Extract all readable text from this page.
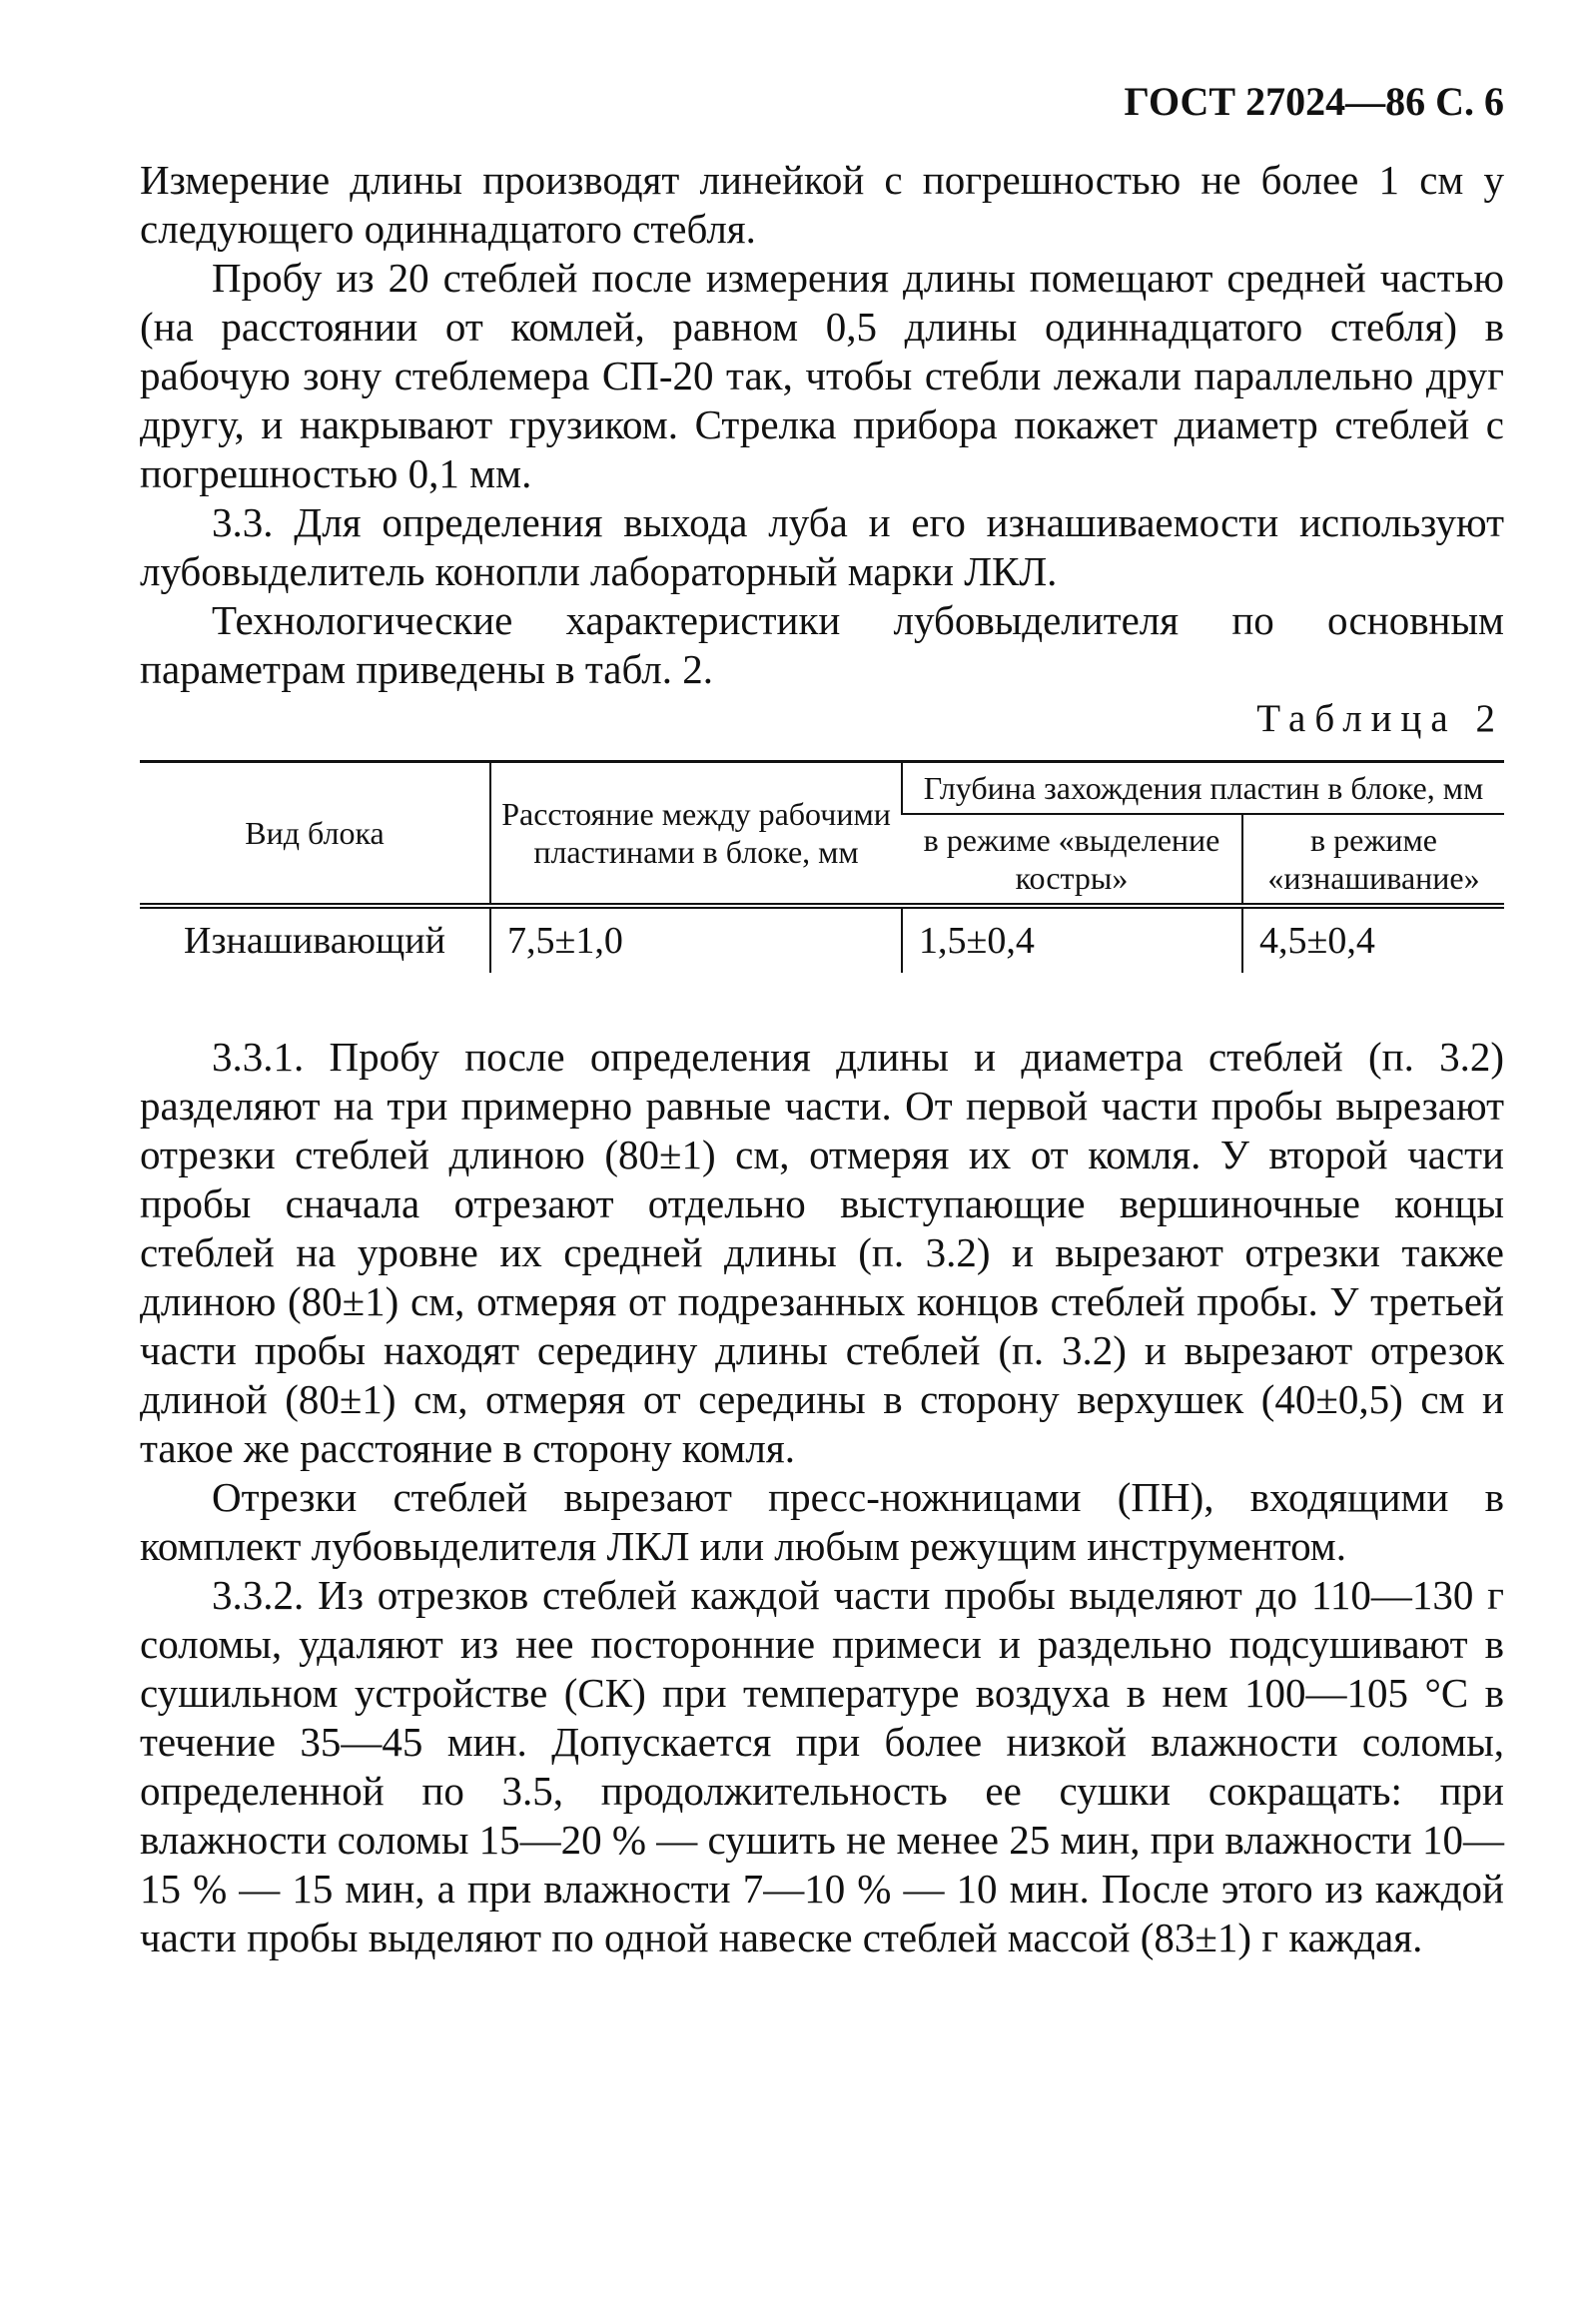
ГОСТ 27024—86 С. 6

Измерение длины производят линейкой с погрешностью не более 1 см у следующего одиннадцатого стебля.

Пробу из 20 стеблей после измерения длины помещают средней частью (на расстоянии от комлей, равном 0,5 длины одиннадцатого стебля) в рабочую зону стеблемера СП-20 так, чтобы стебли лежали параллельно друг другу, и накрывают грузиком. Стрелка прибора покажет диаметр стеблей с погрешностью 0,1 мм.

3.3. Для определения выхода луба и его изнашиваемости используют лубовыделитель конопли лабораторный марки ЛКЛ.

Технологические характеристики лубовыделителя по основным параметрам приведены в табл. 2.

Таблица 2
Вид блока	Расстояние между рабочими пластинами в блоке, мм	Глубина захождения пластин в блоке, мм	
		в режиме «выделение костры»	в режиме «изнашивание»
Изнашивающий	7,5±1,0	1,5±0,4	4,5±0,4

3.3.1. Пробу после определения длины и диаметра стеблей (п. 3.2) разделяют на три примерно равные части. От первой части пробы вырезают отрезки стеблей длиною (80±1) см, отмеряя их от комля. У второй части пробы сначала отрезают отдельно выступающие вершиночные концы стеблей на уровне их средней длины (п. 3.2) и вырезают отрезки также длиною (80±1) см, отмеряя от подрезанных концов стеблей пробы. У третьей части пробы находят середину длины стеблей (п. 3.2) и вырезают отрезок длиной (80±1) см, отмеряя от середины в сторону верхушек (40±0,5) см и такое же расстояние в сторону комля.

Отрезки стеблей вырезают пресс-ножницами (ПН), входящими в комплект лубовыделителя ЛКЛ или любым режущим инструментом.

3.3.2. Из отрезков стеблей каждой части пробы выделяют до 110—130 г соломы, удаляют из нее посторонние примеси и раздельно подсушивают в сушильном устройстве (СК) при температуре воздуха в нем 100—105 °С в течение 35—45 мин. Допускается при более низкой влажности соломы, определенной по 3.5, продолжительность ее сушки сокращать: при влажности соломы 15—20 % — сушить не менее 25 мин, при влажности 10—15 % — 15 мин, а при влажности 7—10 % — 10 мин. После этого из каждой части пробы выделяют по одной навеске стеблей массой (83±1) г каждая.
